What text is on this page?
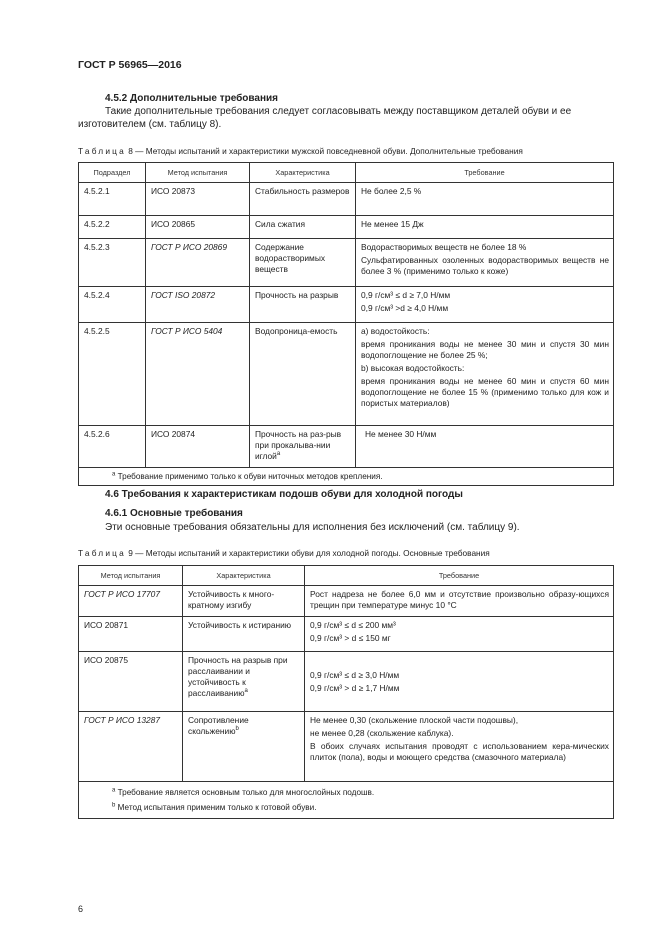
ГОСТ Р 56965—2016
4.5.2 Дополнительные требования
Такие дополнительные требования следует согласовывать между поставщиком деталей обуви и ее изготовителем (см. таблицу 8).
Таблица 8 — Методы испытаний и характеристики мужской повседневной обуви. Дополнительные требования
Подраздел	Метод испытания	Характеристика	Требование
4.5.2.1	ИСО 20873	Стабильность размеров	Не более 2,5 %

4.5.2.2	ИСО 20865	Сила сжатия	Не менее 15 Дж

4.5.2.3	ГОСТ Р ИСО 20869	Содержание водорастворимых веществ	Водорастворимых веществ не более 18 %
Сульфатированных озоленных водорастворимых веществ не более 3 % (применимо только к коже)

4.5.2.4	ГОСТ ISO 20872	Прочность на разрыв	0,9 г/см³ ≤ d ≥ 7,0 Н/мм
0,9 г/см³ >d ≥ 4,0 Н/мм

4.5.2.5	ГОСТ Р ИСО 5404	Водопроница-емость	а) водостойкость:
время проникания воды не менее 30 мин и спустя 30 мин водопоглощение не более 25 %;
b) высокая водостойкость:
время проникания воды не менее 60 мин и спустя 60 мин водопоглощение не более 15 % (применимо только для кож и пористых материалов)

4.5.2.6	ИСО 20874	Прочность на раз-рыв при прокалыва-нии иглой$^a$	Не менее 30 Н/мм

$^a$ Требование применимо только к обуви ниточных методов крепления.			
4.6 Требования к характеристикам подошв обуви для холодной погоды
4.6.1 Основные требования
Эти основные требования обязательны для исполнения без исключений (см. таблицу 9).
Таблица 9 — Методы испытаний и характеристики обуви для холодной погоды. Основные требования
Метод испытания	Характеристика	Требование
ГОСТ Р ИСО 17707	Устойчивость к много-кратному изгибу	Рост надреза не более 6,0 мм и отсутствие произвольно образу-ющихся трещин при температуре минус 10 °С

ИСО 20871	Устойчивость к истиранию	0,9 г/см³ ≤ d ≤ 200 мм³
0,9 г/см³ > d ≤ 150 мг

ИСО 20875	Прочность на разрыв при расслаивании и устойчивость к расслаиванию$^a$	0,9 г/см³ ≤ d ≥ 3,0 Н/мм
0,9 г/см³ > d ≥ 1,7 Н/мм

ГОСТ Р ИСО 13287	Сопротивление скольжению$^b$	Не менее 0,30 (скольжение плоской части подошвы),
не менее 0,28 (скольжение каблука).
В обоих случаях испытания проводят с использованием кера-мических плиток (пола), воды и моющего средства (смазочного материала)

$^a$ Требование является основным только для многослойных подошв.
$^b$ Метод испытания применим только к готовой обуви.		
6
